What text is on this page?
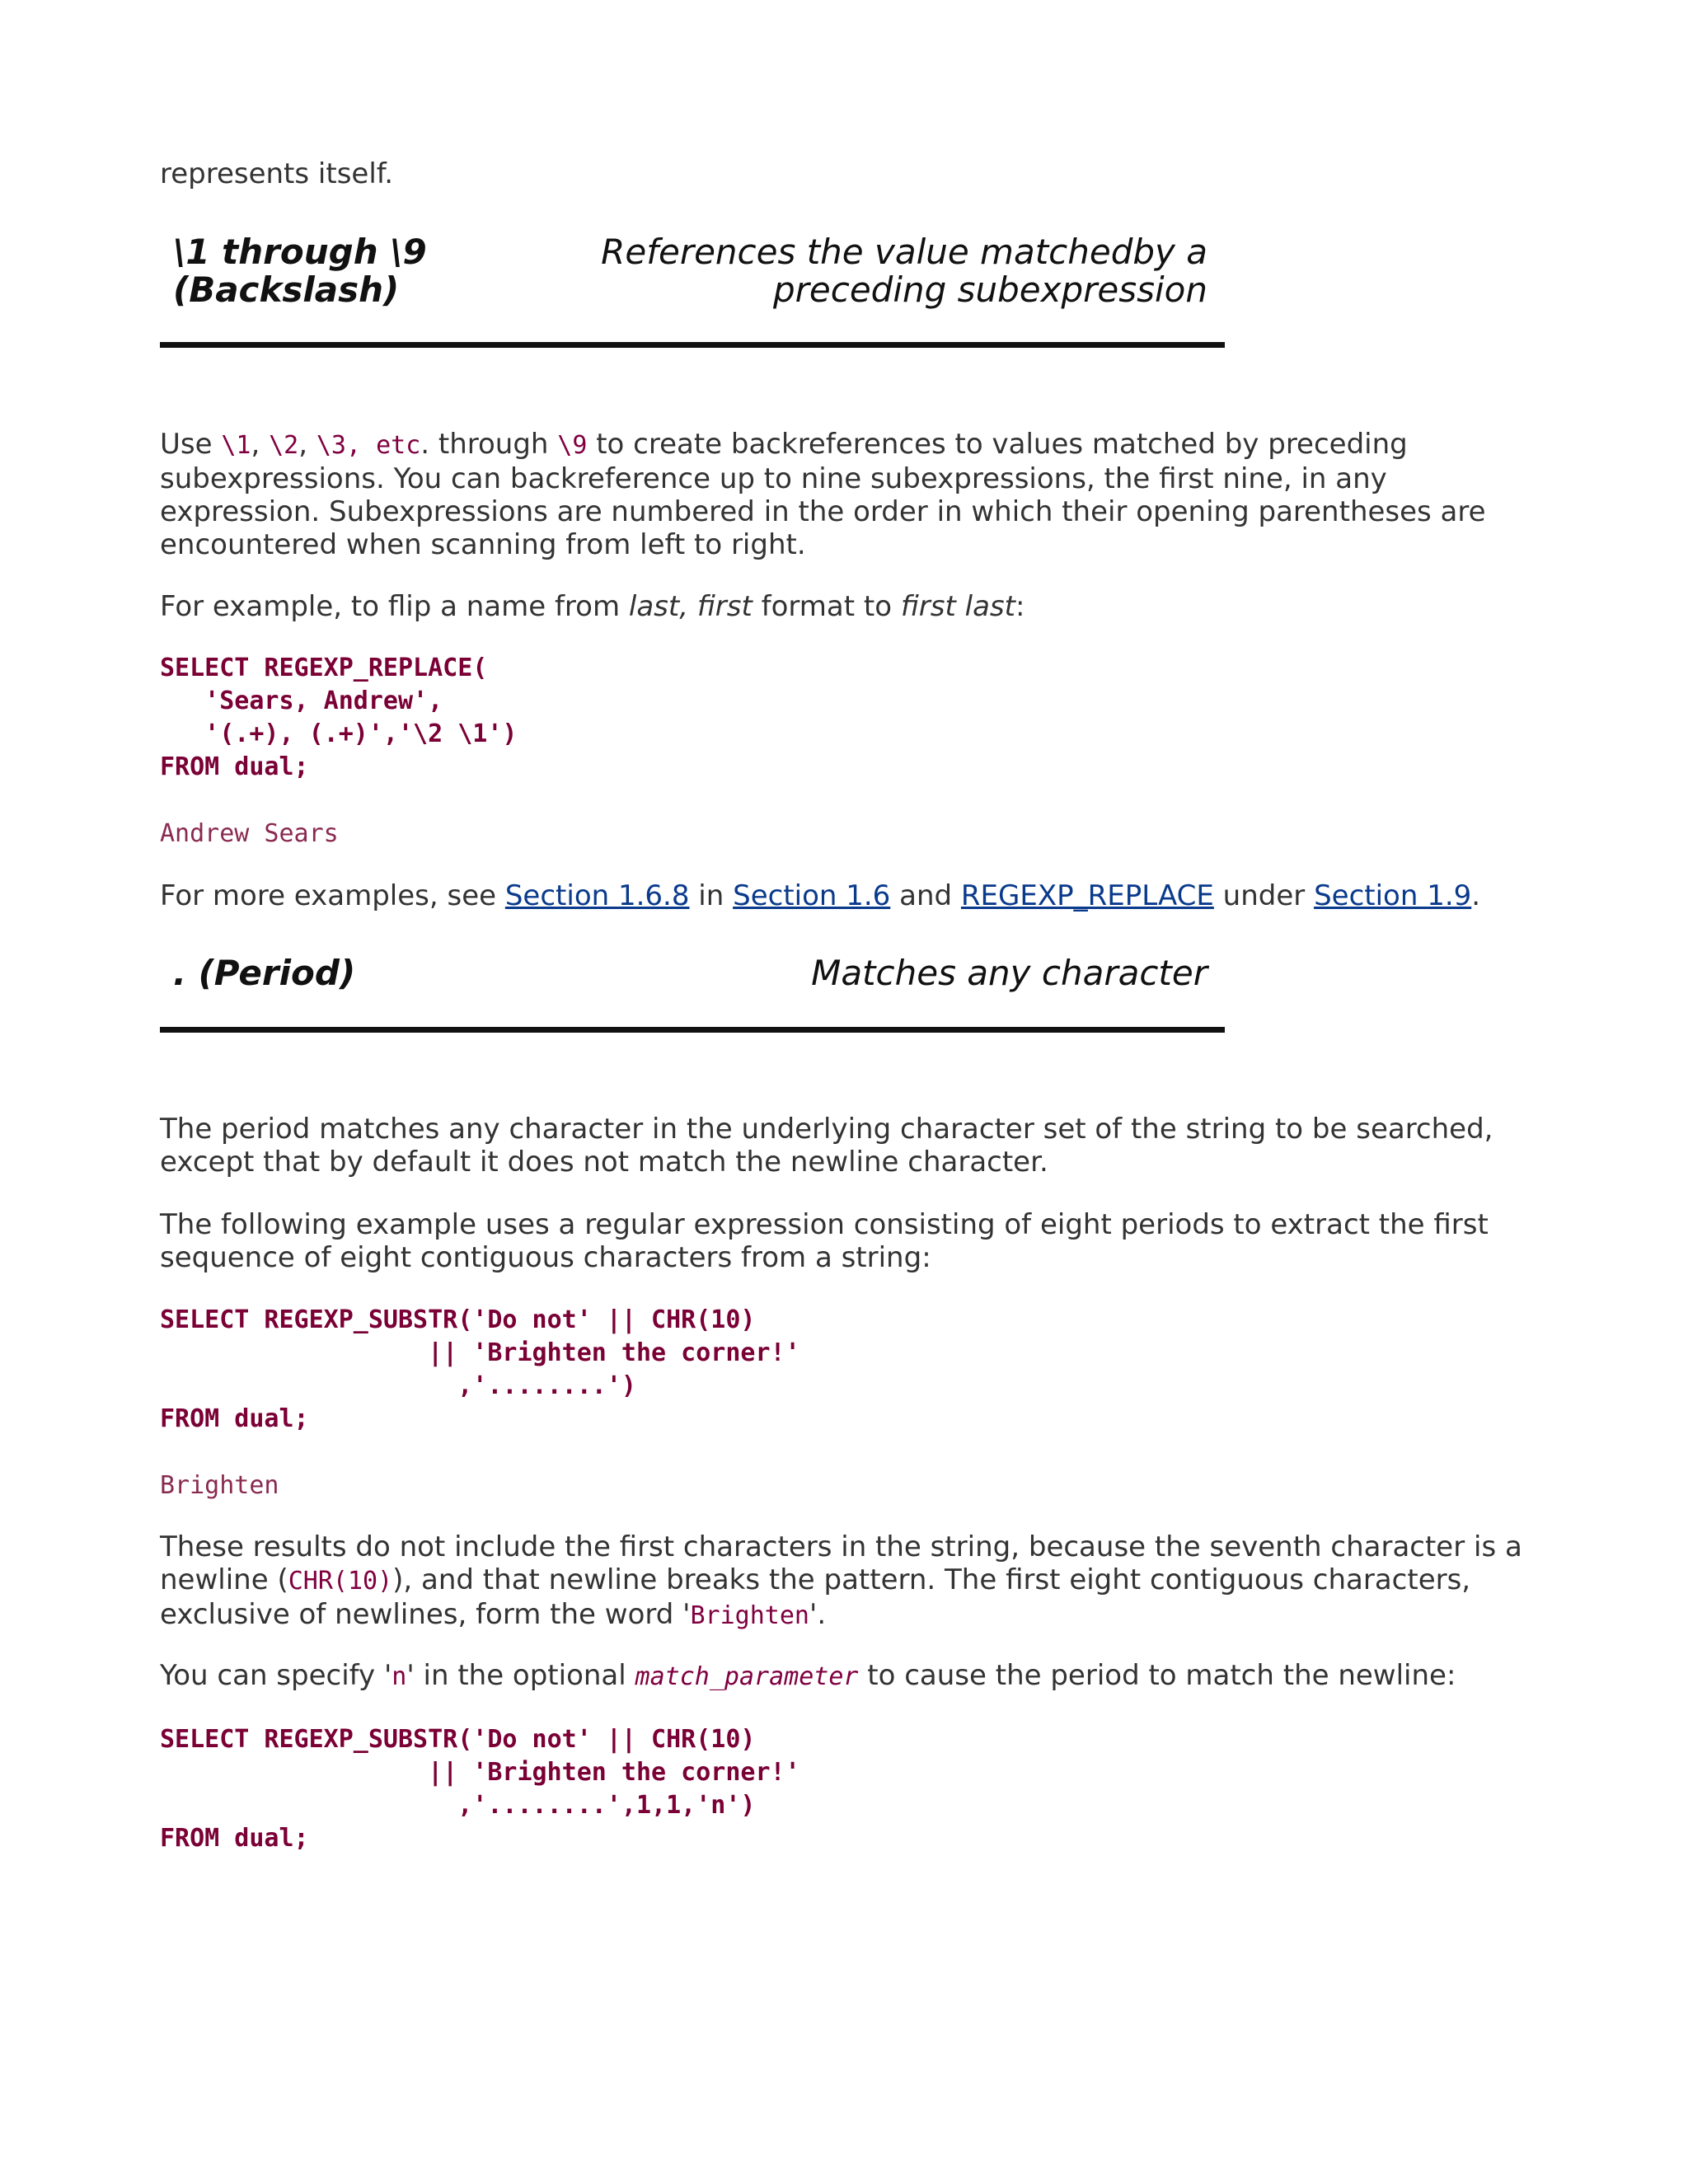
represents itself.

\1 through \9
(Backslash)
References the value matchedby a
preceding subexpression

Use \1, \2, \3, etc. through \9 to create backreferences to values matched by preceding subexpressions. You can backreference up to nine subexpressions, the first nine, in any expression. Subexpressions are numbered in the order in which their opening parentheses are encountered when scanning from left to right.

For example, to flip a name from last, first format to first last:

SELECT REGEXP_REPLACE(
'Sears, Andrew',
'(.+), (.+)','\2 \1')
FROM dual;
Andrew Sears

For more examples, see Section 1.6.8 in Section 1.6 and REGEXP_REPLACE under Section 1.9.

. (Period)	Matches any character

The period matches any character in the underlying character set of the string to be searched, except that by default it does not match the newline character.

The following example uses a regular expression consisting of eight periods to extract the first sequence of eight contiguous characters from a string:

SELECT REGEXP_SUBSTR('Do not' || CHR(10)
|| 'Brighten the corner!'
,'........')
FROM dual;
Brighten

These results do not include the first characters in the string, because the seventh character is a newline (CHR(10)), and that newline breaks the pattern. The first eight contiguous characters, exclusive of newlines, form the word 'Brighten'.

You can specify 'n' in the optional match_parameter to cause the period to match the newline:

SELECT REGEXP_SUBSTR('Do not' || CHR(10)
|| 'Brighten the corner!'
,'........',1,1,'n')
FROM dual;
